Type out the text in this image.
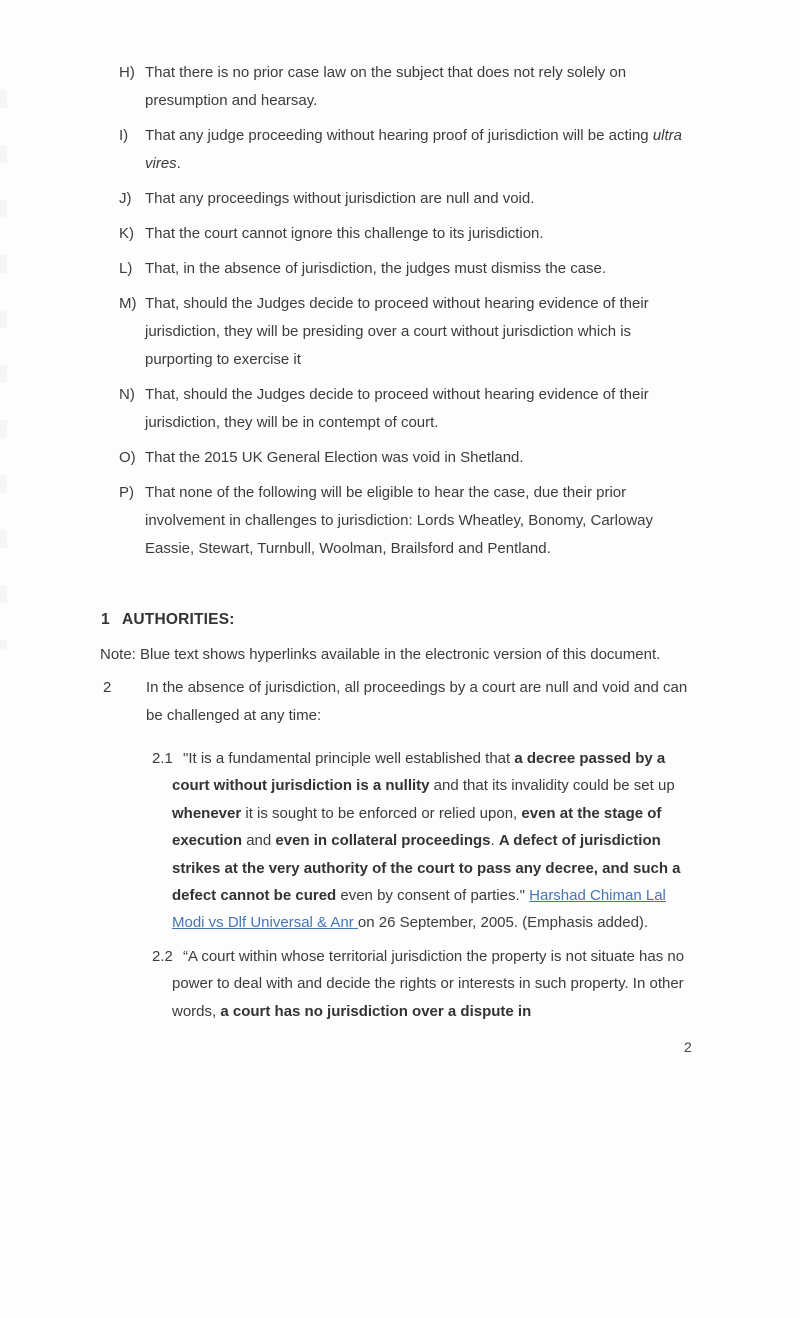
H) That there is no prior case law on the subject that does not rely solely on presumption and hearsay.
I)	That any judge proceeding without hearing proof of jurisdiction will be acting ultra vires.
J) That any proceedings without jurisdiction are null and void.
K) That the court cannot ignore this challenge to its jurisdiction.
L) That, in the absence of jurisdiction, the judges must dismiss the case.
M) That, should the Judges decide to proceed without hearing evidence of their jurisdiction, they will be presiding over a court without jurisdiction which is purporting to exercise it
N) That, should the Judges decide to proceed without hearing evidence of their jurisdiction, they will be in contempt of court.
O) That the 2015 UK General Election was void in Shetland.
P) That none of the following will be eligible to hear the case, due their prior involvement in challenges to jurisdiction: Lords Wheatley, Bonomy, Carloway Eassie, Stewart, Turnbull, Woolman, Brailsford and Pentland.
1 AUTHORITIES:

Note: Blue text shows hyperlinks available in the electronic version of this document.

2 In the absence of jurisdiction, all proceedings by a court are null and void and can be challenged at any time:
2.1 "It is a fundamental principle well established that a decree passed by a court without jurisdiction is a nullity and that its invalidity could be set up whenever it is sought to be enforced or relied upon, even at the stage of execution and even in collateral proceedings. A defect of jurisdiction strikes at the very authority of the court to pass any decree, and such a defect cannot be cured even by consent of parties." Harshad Chiman Lal Modi vs Dlf Universal & Anr on 26 September, 2005. (Emphasis added).
2.2 “A court within whose territorial jurisdiction the property is not situate has no power to deal with and decide the rights or interests in such property. In other words, a court has no jurisdiction over a dispute in
2
